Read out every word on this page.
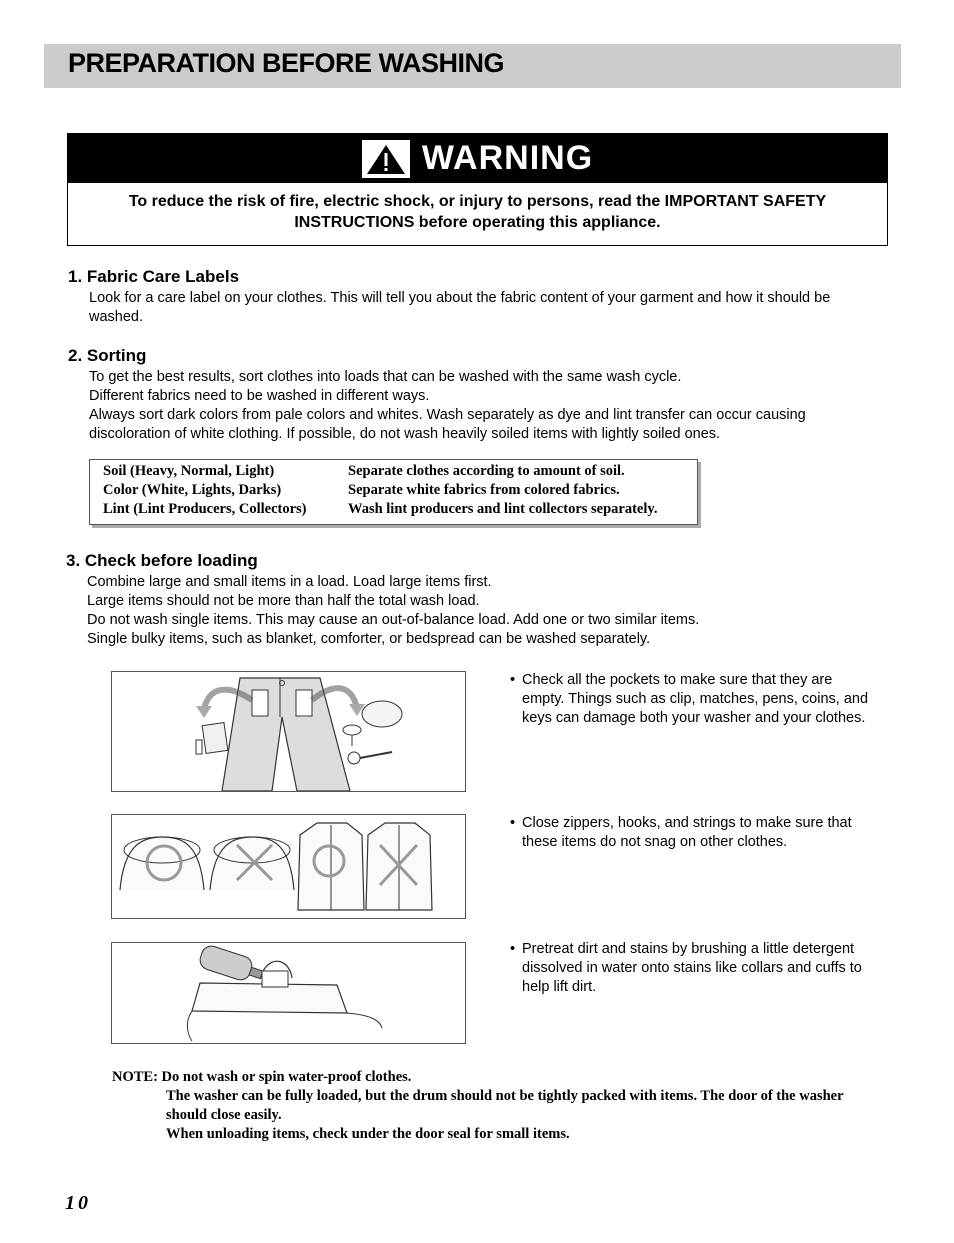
PREPARATION BEFORE WASHING
WARNING
To reduce the risk of fire, electric shock, or injury to persons, read the IMPORTANT SAFETY INSTRUCTIONS before operating this appliance.
1. Fabric Care Labels

Look for a care label on your clothes. This will tell you about the fabric content of your garment and how it should be washed.

2. Sorting

To get the best results, sort clothes into loads that can be washed with the same wash cycle.

Different fabrics need to be washed in different ways.

Always sort dark colors from pale colors and whites. Wash separately as dye and lint transfer can occur causing discoloration of white clothing. If possible, do not wash heavily soiled items with lightly soiled ones.

Soil (Heavy, Normal, Light)	Separate clothes according to amount of soil.
Color (White, Lights, Darks)	Separate white fabrics from colored fabrics.
Lint (Lint Producers, Collectors)	Wash lint producers and lint collectors separately.
3. Check before loading

Combine large and small items in a load. Load large items first.

Large items should not be more than half the total wash load.

Do not wash single items. This may cause an out-of-balance load. Add one or two similar items.

Single bulky items, such as blanket, comforter, or bedspread can be washed separately.

• Check all the pockets to make sure that they are empty. Things such as clip, matches, pens, coins, and keys can damage both your washer and your clothes.
• Close zippers, hooks, and strings to make sure that these items do not snag on other clothes.
• Pretreat dirt and stains by brushing a little detergent dissolved in water onto stains like collars and cuffs to help lift dirt.
NOTE: Do not wash or spin water-proof clothes.
The washer can be fully loaded, but the drum should not be tightly packed with items. The door of the washer should close easily.
When unloading items, check under the door seal for small items.
10
